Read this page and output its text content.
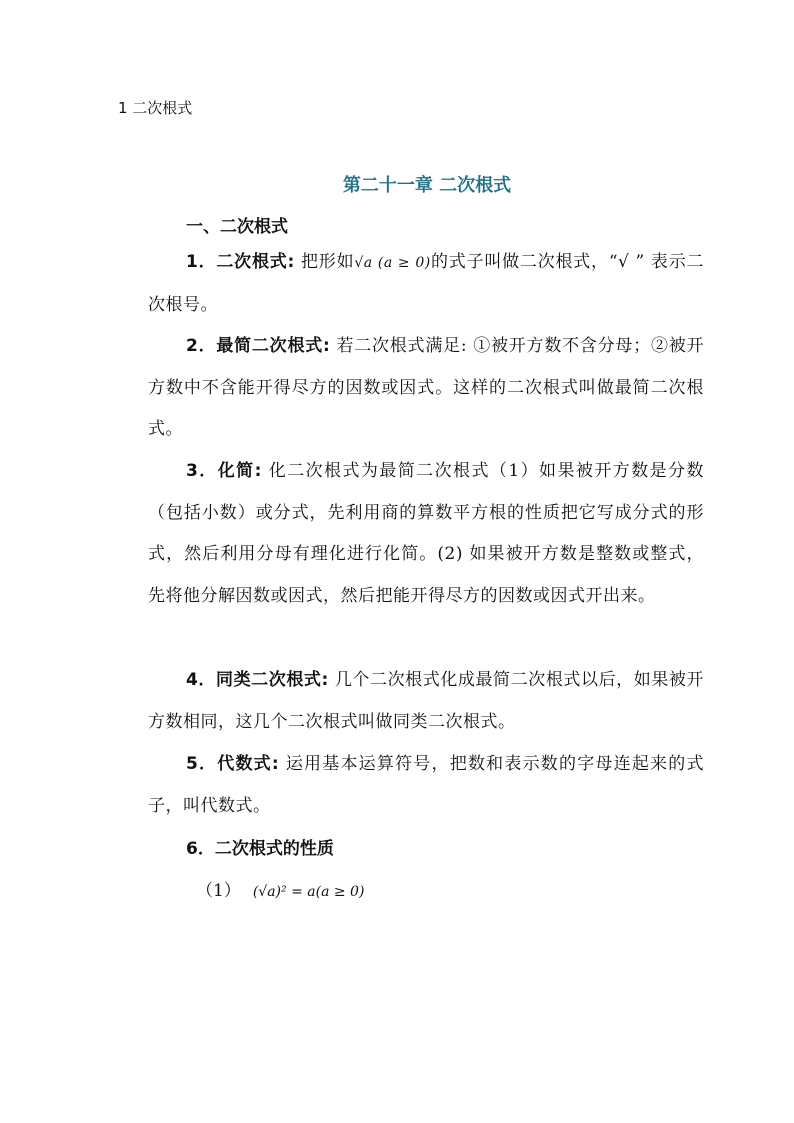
1 二次根式
第二十一章 二次根式
一、二次根式
1．二次根式: 把形如√a (a ≥ 0)的式子叫做二次根式，“√ ” 表示二次根号。
2．最简二次根式: 若二次根式满足: ①被开方数不含分母；②被开方数中不含能开得尽方的因数或因式。这样的二次根式叫做最简二次根式。
3．化简: 化二次根式为最简二次根式（1）如果被开方数是分数（包括小数）或分式，先利用商的算数平方根的性质把它写成分式的形式，然后利用分母有理化进行化简。(2) 如果被开方数是整数或整式，先将他分解因数或因式，然后把能开得尽方的因数或因式开出来。
4．同类二次根式: 几个二次根式化成最简二次根式以后，如果被开方数相同，这几个二次根式叫做同类二次根式。
5．代数式: 运用基本运算符号，把数和表示数的字母连起来的式子，叫代数式。
6．二次根式的性质
（1） (√a)² = a(a ≥ 0)
